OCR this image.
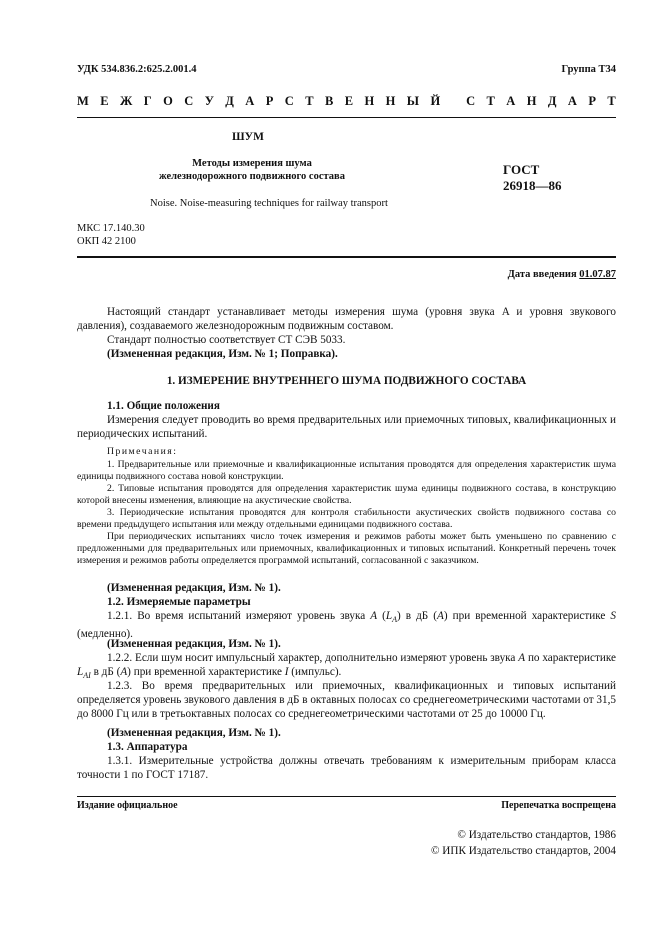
УДК 534.836.2:625.2.001.4	Группа Т34
М Е Ж Г О С У Д А Р С Т В Е Н Н Ы Й
С Т А Н Д А Р Т
ШУМ
Методы измерения шума
железнодорожного подвижного состава	ГОСТ
26918—86
Noise. Noise-measuring techniques for railway transport
МКС 17.140.30
ОКП 42 2100
Дата введения 01.07.87
Настоящий стандарт устанавливает методы измерения шума (уровня звука A и уровня звукового давления), создаваемого железнодорожным подвижным составом.
Стандарт полностью соответствует СТ СЭВ 5033.
(Измененная редакция, Изм. № 1; Поправка).
1. ИЗМЕРЕНИЕ ВНУТРЕННЕГО ШУМА ПОДВИЖНОГО СОСТАВА
1.1. Общие положения
Измерения следует проводить во время предварительных или приемочных типовых, квалификационных и периодических испытаний.
Примечания:
1. Предварительные или приемочные и квалификационные испытания проводятся для определения характеристик шума единицы подвижного состава новой конструкции.
2. Типовые испытания проводятся для определения характеристик шума единицы подвижного состава, в конструкцию которой внесены изменения, влияющие на акустические свойства.
3. Периодические испытания проводятся для контроля стабильности акустических свойств подвижного состава со времени предыдущего испытания или между отдельными единицами подвижного состава.
При периодических испытаниях число точек измерения и режимов работы может быть уменьшено по сравнению с предложенными для предварительных или приемочных, квалификационных и типовых испытаний. Конкретный перечень точек измерения и режимов работы определяется программой испытаний, согласованной с заказчиком.
(Измененная редакция, Изм. № 1).
1.2. Измеряемые параметры
1.2.1. Во время испытаний измеряют уровень звука A $(L_A)$ в дБ (A) при временной характеристике S (медленно).
(Измененная редакция, Изм. № 1).
1.2.2. Если шум носит импульсный характер, дополнительно измеряют уровень звука A по характеристике $L_{AI}$ в дБ (A) при временной характеристике I (импульс).
1.2.3. Во время предварительных или приемочных, квалификационных и типовых испытаний определяется уровень звукового давления в дБ в октавных полосах со среднегеометрическими частотами от 31,5 до 8000 Гц или в третьоктавных полосах со среднегеометрическими частотами от 25 до 10000 Гц.
(Измененная редакция, Изм. № 1).
1.3. Аппаратура
1.3.1. Измерительные устройства должны отвечать требованиям к измерительным приборам класса точности 1 по ГОСТ 17187.
Издание официальное	Перепечатка воспрещена
© Издательство стандартов, 1986
© ИПК Издательство стандартов, 2004
